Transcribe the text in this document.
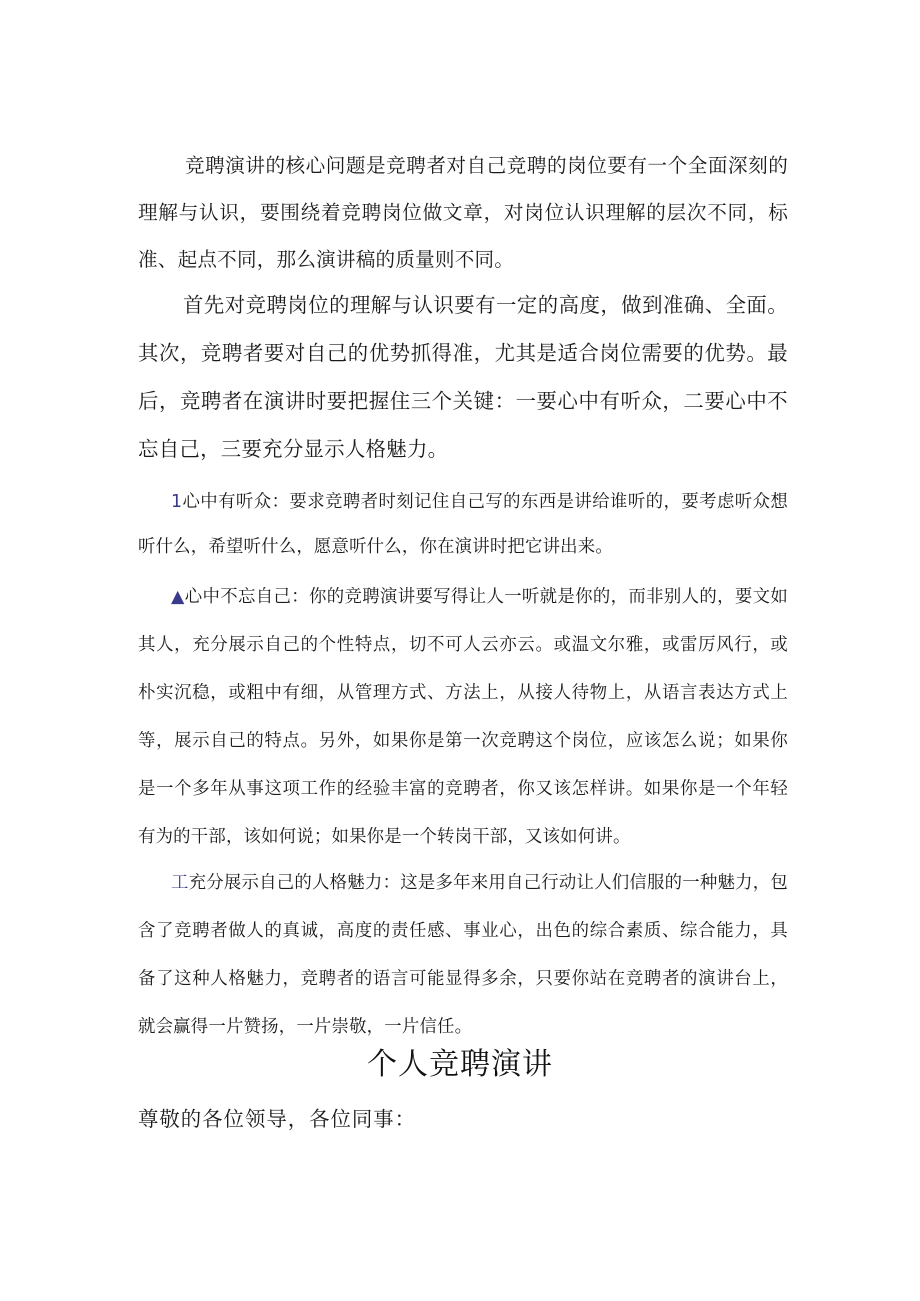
竞聘演讲的核心问题是竞聘者对自己竞聘的岗位要有一个全面深刻的理解与认识，要围绕着竞聘岗位做文章，对岗位认识理解的层次不同，标准、起点不同，那么演讲稿的质量则不同。

首先对竞聘岗位的理解与认识要有一定的高度，做到准确、全面。其次，竞聘者要对自己的优势抓得准，尤其是适合岗位需要的优势。最后，竞聘者在演讲时要把握住三个关键：一要心中有听众，二要心中不忘自己，三要充分显示人格魅力。

1心中有听众：要求竞聘者时刻记住自己写的东西是讲给谁听的，要考虑听众想听什么，希望听什么，愿意听什么，你在演讲时把它讲出来。

▲心中不忘自己：你的竞聘演讲要写得让人一听就是你的，而非别人的，要文如其人，充分展示自己的个性特点，切不可人云亦云。或温文尔雅，或雷厉风行，或朴实沉稳，或粗中有细，从管理方式、方法上，从接人待物上，从语言表达方式上等，展示自己的特点。另外，如果你是第一次竞聘这个岗位，应该怎么说；如果你是一个多年从事这项工作的经验丰富的竞聘者，你又该怎样讲。如果你是一个年轻有为的干部，该如何说；如果你是一个转岗干部，又该如何讲。

工充分展示自己的人格魅力：这是多年来用自己行动让人们信服的一种魅力，包含了竞聘者做人的真诚，高度的责任感、事业心，出色的综合素质、综合能力，具备了这种人格魅力，竞聘者的语言可能显得多余，只要你站在竞聘者的演讲台上，就会赢得一片赞扬，一片崇敬，一片信任。

个人竞聘演讲

尊敬的各位领导，各位同事：
